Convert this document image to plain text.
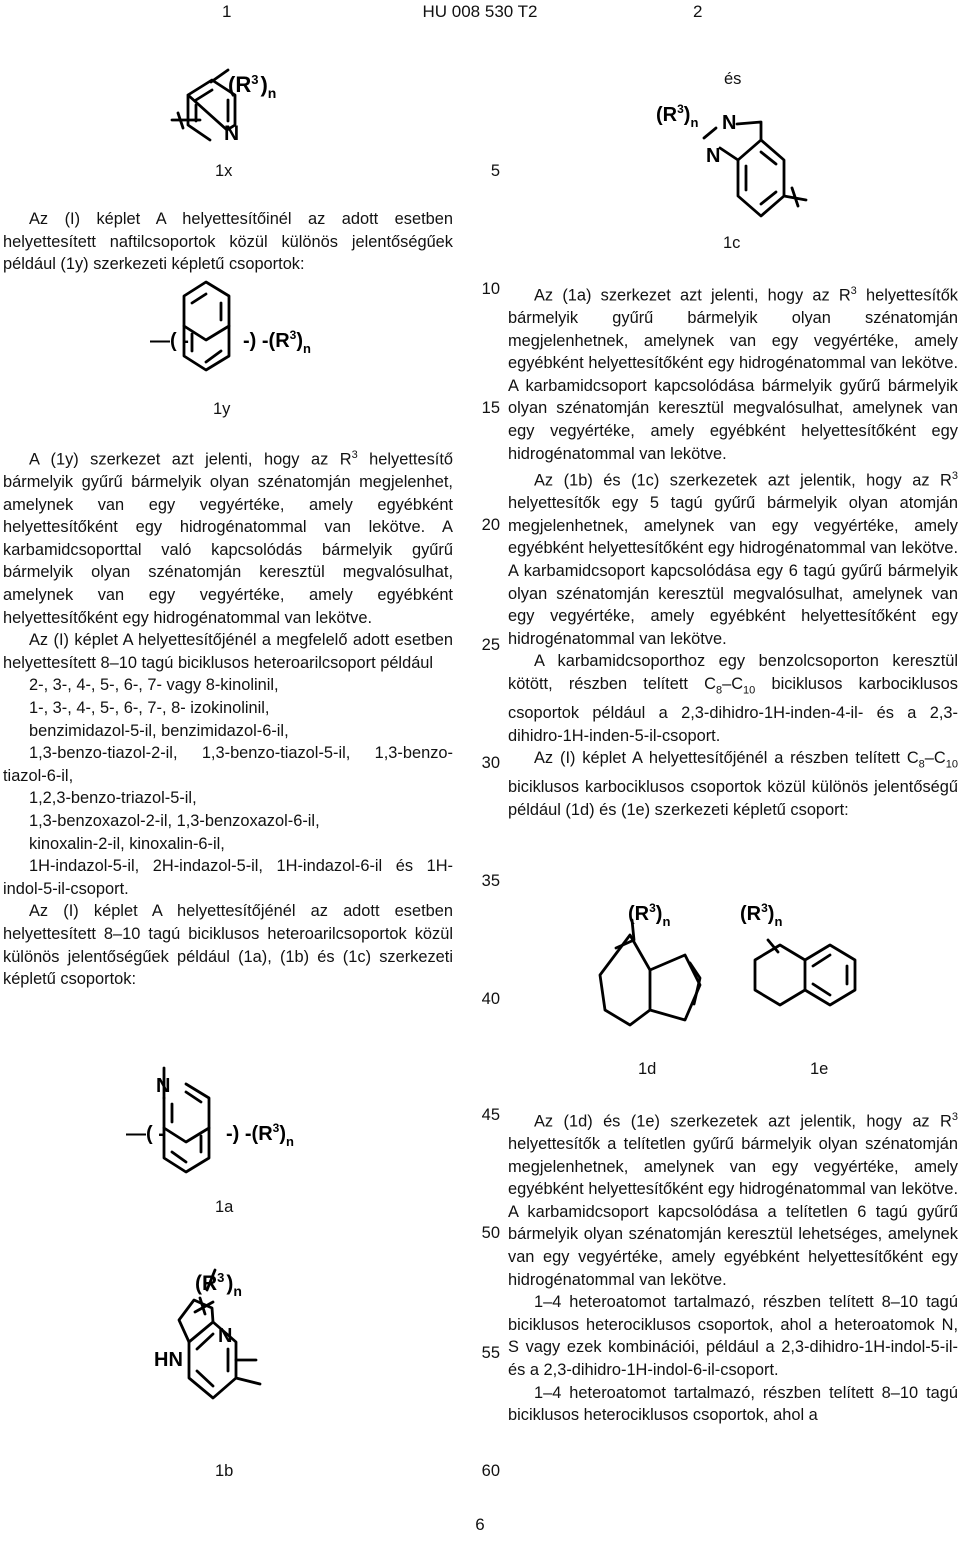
1	HU 008 530 T2	2
N
$(R^3)_n$
1x

Az (I) képlet A helyettesítőinél az adott esetben helyettesített naftilcsoportok közül különös jelentőségűek például (1y) szerkezeti képletű csoportok:

—( -	-) $-(R^3)_n$
1y

A (1y) szerkezet azt jelenti, hogy az $R^3$ helyettesítő bármelyik gyűrű bármelyik olyan szénatomján megjelenhet, amelynek van egy vegyértéke, amely egyébként helyettesítőként egy hidrogénatommal van lekötve. A karbamidcsoporttal való kapcsolódás bármelyik gyűrű bármelyik olyan szénatomján keresztül megvalósulhat, amelynek van egy vegyértéke, amely egyébként helyettesítőként egy hidrogénatommal van lekötve.

Az (I) képlet A helyettesítőjénél a megfelelő adott esetben helyettesített 8–10 tagú biciklusos heteroarilcsoport például

2-, 3-, 4-, 5-, 6-, 7- vagy 8-kinolinil,

1-, 3-, 4-, 5-, 6-, 7-, 8- izokinolinil,

benzimidazol-5-il, benzimidazol-6-il,

1,3-benzo-tiazol-2-il, 1,3-benzo-tiazol-5-il, 1,3-benzo-tiazol-6-il,

1,2,3-benzo-triazol-5-il,

1,3-benzoxazol-2-il, 1,3-benzoxazol-6-il,

kinoxalin-2-il, kinoxalin-6-il,

1H-indazol-5-il, 2H-indazol-5-il, 1H-indazol-6-il és 1H-indol-5-il-csoport.

Az (I) képlet A helyettesítőjénél az adott esetben helyettesített 8–10 tagú biciklusos heteroarilcsoportok közül különös jelentőségűek például (1a), (1b) és (1c) szerkezeti képletű csoportok:

N
—( -	-) $-(R^3)_n$
1a
HN
N
$(R^3)_n$
1b
5
10
15
20
25
30
35
40
45
50
55
60
és
N
N
$(R^3)_n$
1c

Az (1a) szerkezet azt jelenti, hogy az $R^3$ helyettesítők bármelyik gyűrű bármelyik olyan szénatomján megjelenhetnek, amelynek van egy vegyértéke, amely egyébként helyettesítőként egy hidrogénatommal van lekötve. A karbamidcsoport kapcsolódása bármelyik gyűrű bármelyik olyan szénatomján keresztül megvalósulhat, amelynek van egy vegyértéke, amely egyébként helyettesítőként egy hidrogénatommal van lekötve.

Az (1b) és (1c) szerkezetek azt jelentik, hogy az $R^3$ helyettesítők egy 5 tagú gyűrű bármelyik olyan atomján megjelenhetnek, amelynek van egy vegyértéke, amely egyébként helyettesítőként egy hidrogénatommal van lekötve. A karbamidcsoport kapcsolódása egy 6 tagú gyűrű bármelyik olyan szénatomján keresztül megvalósulhat, amelynek van egy vegyértéke, amely egyébként helyettesítőként egy hidrogénatommal van lekötve.

A karbamidcsoporthoz egy benzolcsoporton keresztül kötött, részben telített $C_8-C_{10}$ biciklusos karbociklusos csoportok például a 2,3-dihidro-1H-inden-4-il- és a 2,3-dihidro-1H-inden-5-il-csoport.

Az (I) képlet A helyettesítőjénél a részben telített $C_8-C_{10}$ biciklusos karbociklusos csoportok közül különös jelentőségű például (1d) és (1e) szerkezeti képletű csoport:

$(R^3)_n$	$(R^3)_n$
1d	1e

Az (1d) és (1e) szerkezetek azt jelentik, hogy az $R^3$ helyettesítők a telítetlen gyűrű bármelyik olyan szénatomján megjelenhetnek, amelynek van egy vegyértéke, amely egyébként helyettesítőként egy hidrogénatommal van lekötve. A karbamidcsoport kapcsolódása a telítetlen 6 tagú gyűrű bármelyik olyan szénatomján keresztül lehetséges, amelynek van egy vegyértéke, amely egyébként helyettesítőként egy hidrogénatommal van lekötve.

1–4 heteroatomot tartalmazó, részben telített 8–10 tagú biciklusos heterociklusos csoportok, ahol a heteroatomok N, S vagy ezek kombinációi, például a 2,3-dihidro-1H-indol-5-il- és a 2,3-dihidro-1H-indol-6-il-csoport.

1–4 heteroatomot tartalmazó, részben telített 8–10 tagú biciklusos heterociklusos csoportok, ahol a

6
